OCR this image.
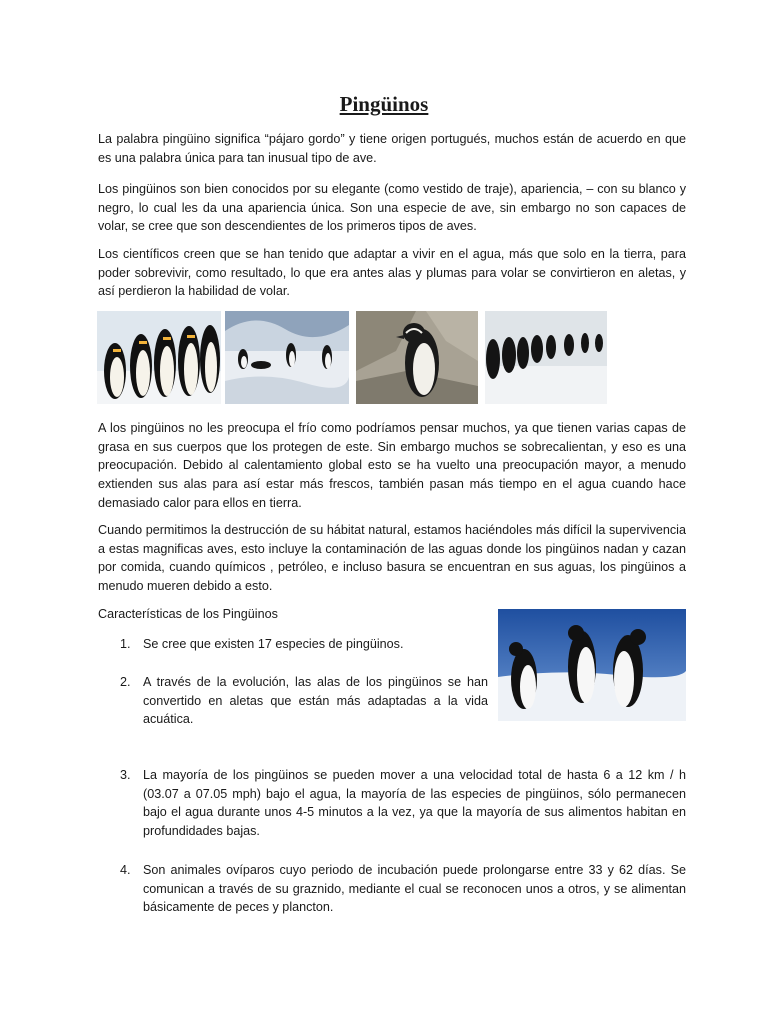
Pingüinos

La palabra pingüino significa “pájaro gordo” y tiene origen portugués, muchos están de acuerdo en que es una palabra única para tan inusual tipo de ave.

Los pingüinos son bien conocidos por su elegante (como vestido de traje), apariencia, – con su blanco y negro, lo cual les da una apariencia única. Son una especie de ave, sin embargo no son capaces de volar, se cree que son descendientes de los primeros tipos de aves.

Los científicos creen que se han tenido que adaptar a vivir en el agua, más que solo en la tierra, para poder sobrevivir, como resultado, lo que era antes alas y plumas para volar se convirtieron en aletas, y así perdieron la habilidad de volar.

A los pingüinos no les preocupa el frío como podríamos pensar muchos, ya que tienen varias capas de grasa en sus cuerpos que los protegen de este. Sin embargo muchos se sobrecalientan, y eso es una preocupación. Debido al calentamiento global esto se ha vuelto una preocupación mayor, a menudo extienden sus alas para así estar más frescos, también pasan más tiempo en el agua cuando hace demasiado calor para ellos en tierra.

Cuando permitimos la destrucción de su hábitat natural, estamos haciéndoles más difícil la supervivencia a estas magnificas aves, esto incluye la contaminación de las aguas donde los pingüinos nadan y cazan por comida, cuando químicos , petróleo, e incluso basura se encuentran en sus aguas, los pingüinos a menudo mueren debido a esto.

Características de los Pingüinos
1. Se cree que existen 17 especies de pingüinos.
2. A través de la evolución, las alas de los pingüinos se han convertido en aletas que están más adaptadas a la vida acuática.
3. La mayoría de los pingüinos se pueden mover a una velocidad total de hasta 6 a 12 km / h (03.07 a 07.05 mph) bajo el agua, la mayoría de las especies de pingüinos, sólo permanecen bajo el agua durante unos 4-5 minutos a la vez, ya que la mayoría de sus alimentos habitan en profundidades bajas.
4. Son animales ovíparos cuyo periodo de incubación puede prolongarse entre 33 y 62 días. Se comunican a través de su graznido, mediante el cual se reconocen unos a otros, y se alimentan básicamente de peces y plancton.
